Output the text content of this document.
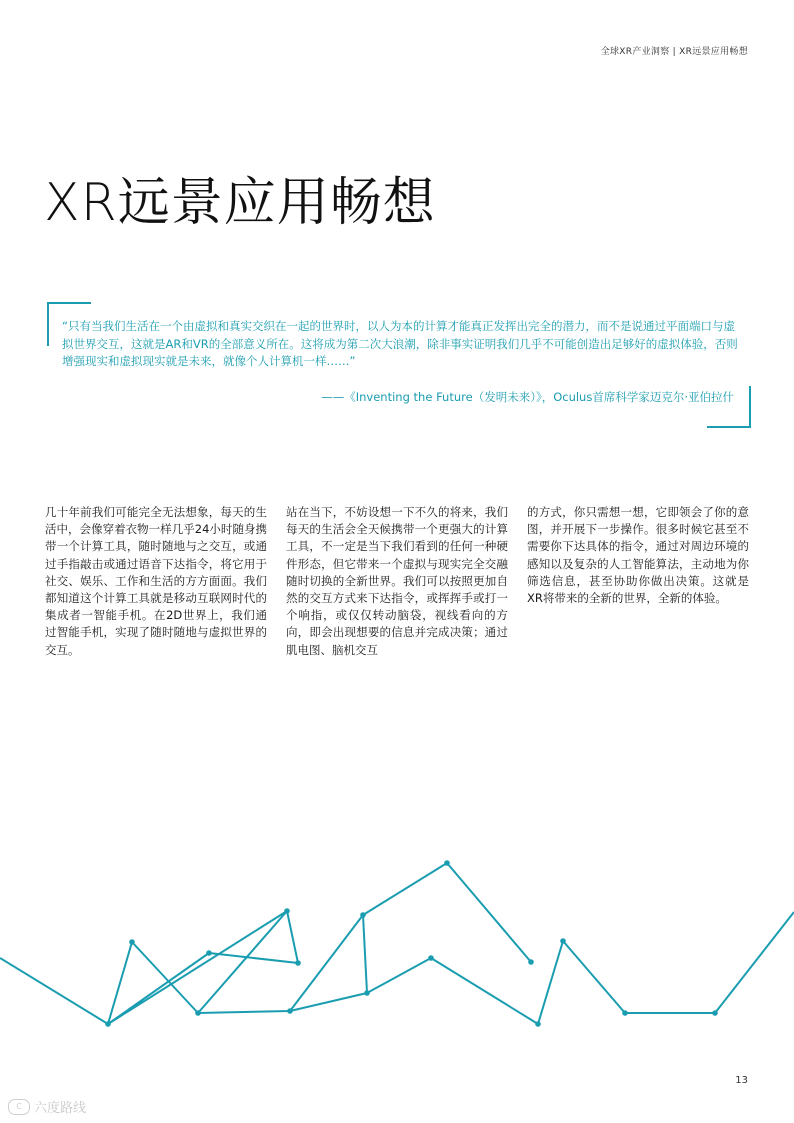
全球XR产业洞察 | XR远景应用畅想
XR远景应用畅想
“只有当我们生活在一个由虚拟和真实交织在一起的世界时，以人为本的计算才能真正发挥出完全的潜力，而不是说通过平面端口与虚拟世界交互，这就是AR和VR的全部意义所在。这将成为第二次大浪潮，除非事实证明我们几乎不可能创造出足够好的虚拟体验，否则增强现实和虚拟现实就是未来，就像个人计算机一样……”
——《Inventing the Future（发明未来）》，Oculus首席科学家迈克尔·亚伯拉什
几十年前我们可能完全无法想象，每天的生活中，会像穿着衣物一样几乎24小时随身携带一个计算工具，随时随地与之交互，或通过手指敲击或通过语音下达指令，将它用于社交、娱乐、工作和生活的方方面面。我们都知道这个计算工具就是移动互联网时代的集成者一智能手机。在2D世界上，我们通过智能手机，实现了随时随地与虚拟世界的交互。
站在当下，不妨设想一下不久的将来，我们每天的生活会全天候携带一个更强大的计算工具，不一定是当下我们看到的任何一种硬件形态，但它带来一个虚拟与现实完全交融随时切换的全新世界。我们可以按照更加自然的交互方式来下达指令，或挥挥手或打一个响指，或仅仅转动脑袋，视线看向的方向，即会出现想要的信息并完成决策；通过肌电图、脑机交互
的方式，你只需想一想，它即领会了你的意图，并开展下一步操作。很多时候它甚至不需要你下达具体的指令，通过对周边环境的感知以及复杂的人工智能算法，主动地为你筛选信息，甚至协助你做出决策。这就是XR将带来的全新的世界，全新的体验。
13
C 六度路线
